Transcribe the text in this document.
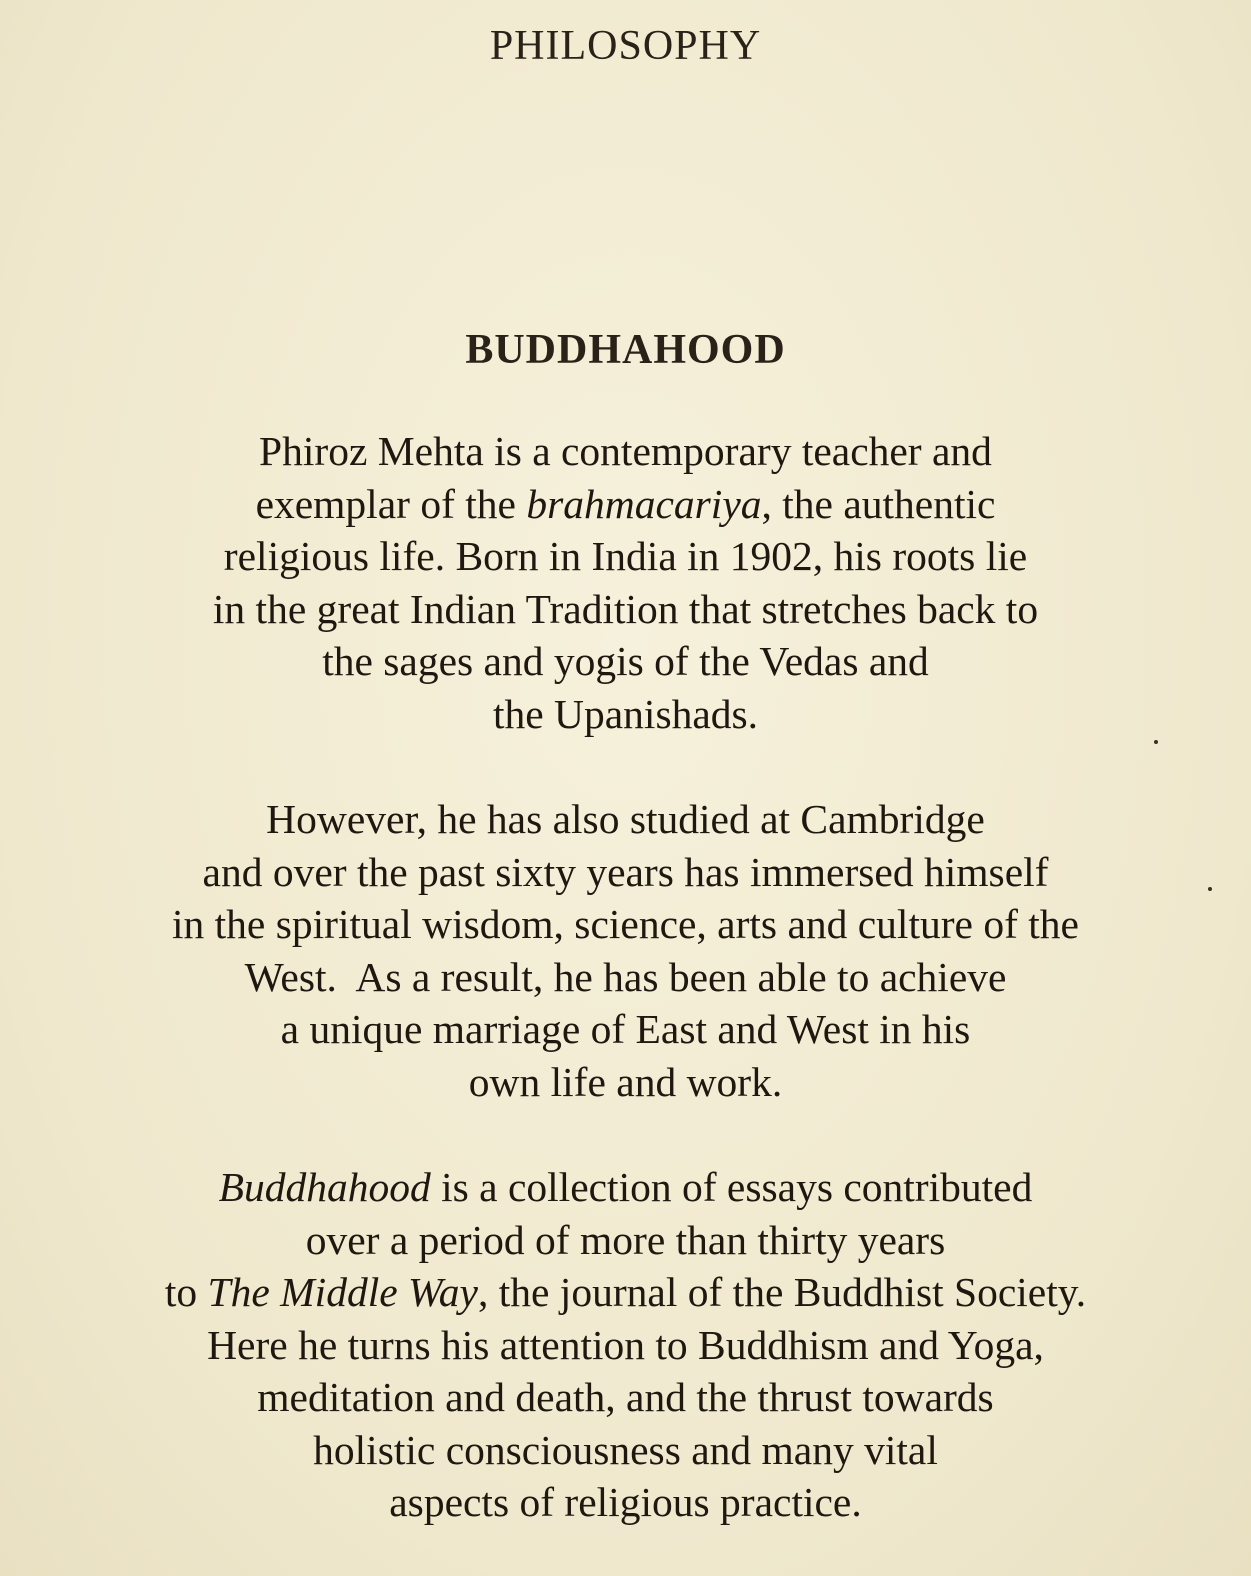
PHILOSOPHY
BUDDHAHOOD
Phiroz Mehta is a contemporary teacher and
exemplar of the brahmacariya, the authentic
religious life. Born in India in 1902, his roots lie
in the great Indian Tradition that stretches back to
the sages and yogis of the Vedas and
the Upanishads.
However, he has also studied at Cambridge
and over the past sixty years has immersed himself
in the spiritual wisdom, science, arts and culture of the
West.  As a result, he has been able to achieve
a unique marriage of East and West in his
own life and work.
Buddhahood is a collection of essays contributed
over a period of more than thirty years
to The Middle Way, the journal of the Buddhist Society.
Here he turns his attention to Buddhism and Yoga,
meditation and death, and the thrust towards
holistic consciousness and many vital
aspects of religious practice.
